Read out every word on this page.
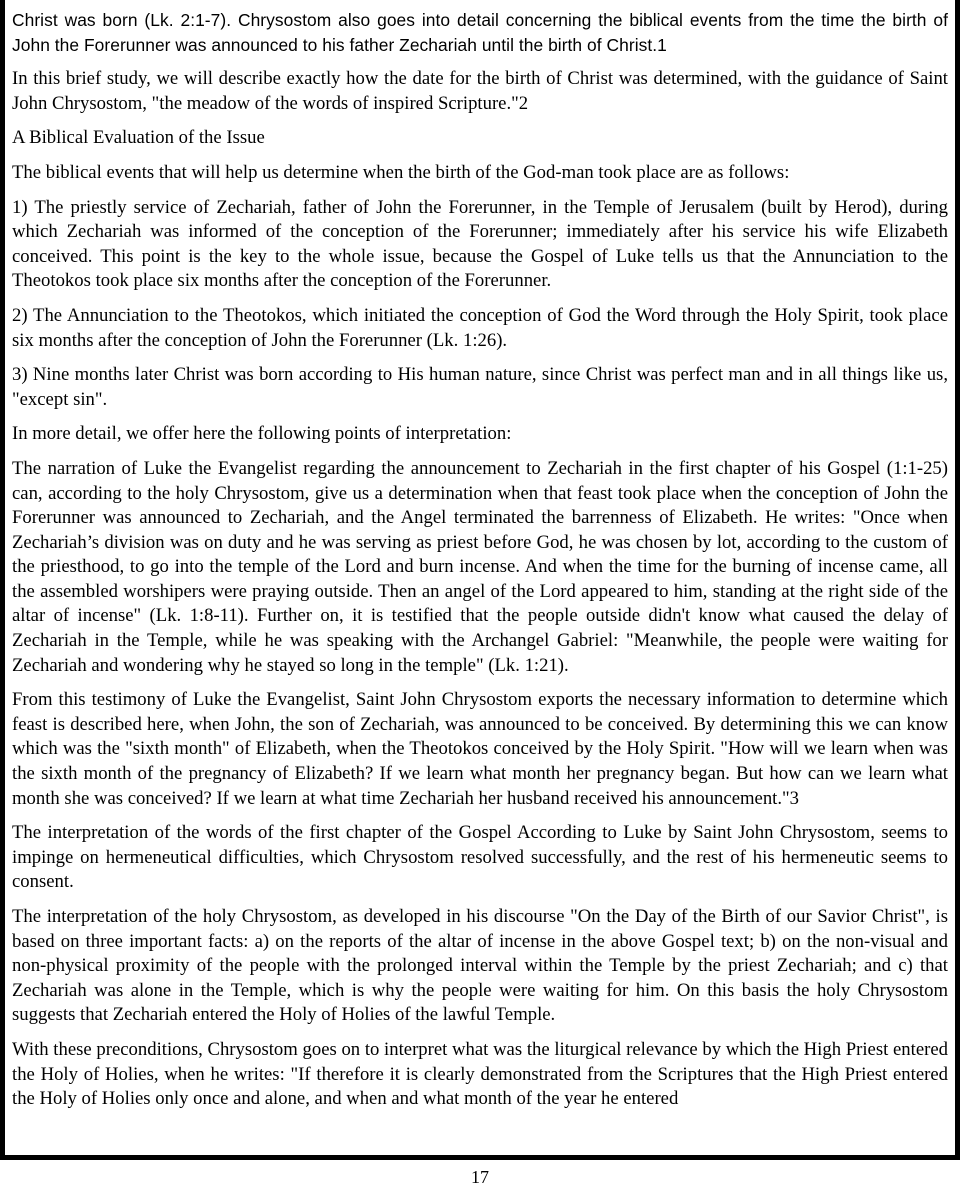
Christ was born (Lk. 2:1-7). Chrysostom also goes into detail concerning the biblical events from the time the birth of John the Forerunner was announced to his father Zechariah until the birth of Christ.1

In this brief study, we will describe exactly how the date for the birth of Christ was determined, with the guidance of Saint John Chrysostom, "the meadow of the words of inspired Scripture."2

A Biblical Evaluation of the Issue

The biblical events that will help us determine when the birth of the God-man took place are as follows:

1) The priestly service of Zechariah, father of John the Forerunner, in the Temple of Jerusalem (built by Herod), during which Zechariah was informed of the conception of the Forerunner; immediately after his service his wife Elizabeth conceived. This point is the key to the whole issue, because the Gospel of Luke tells us that the Annunciation to the Theotokos took place six months after the conception of the Forerunner.

2) The Annunciation to the Theotokos, which initiated the conception of God the Word through the Holy Spirit, took place six months after the conception of John the Forerunner (Lk. 1:26).

3) Nine months later Christ was born according to His human nature, since Christ was perfect man and in all things like us, "except sin".

In more detail, we offer here the following points of interpretation:

The narration of Luke the Evangelist regarding the announcement to Zechariah in the first chapter of his Gospel (1:1-25) can, according to the holy Chrysostom, give us a determination when that feast took place when the conception of John the Forerunner was announced to Zechariah, and the Angel terminated the barrenness of Elizabeth. He writes: "Once when Zechariah’s division was on duty and he was serving as priest before God, he was chosen by lot, according to the custom of the priesthood, to go into the temple of the Lord and burn incense. And when the time for the burning of incense came, all the assembled worshipers were praying outside. Then an angel of the Lord appeared to him, standing at the right side of the altar of incense" (Lk. 1:8-11). Further on, it is testified that the people outside didn't know what caused the delay of Zechariah in the Temple, while he was speaking with the Archangel Gabriel: "Meanwhile, the people were waiting for Zechariah and wondering why he stayed so long in the temple" (Lk. 1:21).

From this testimony of Luke the Evangelist, Saint John Chrysostom exports the necessary information to determine which feast is described here, when John, the son of Zechariah, was announced to be conceived. By determining this we can know which was the "sixth month" of Elizabeth, when the Theotokos conceived by the Holy Spirit. "How will we learn when was the sixth month of the pregnancy of Elizabeth? If we learn what month her pregnancy began. But how can we learn what month she was conceived? If we learn at what time Zechariah her husband received his announcement."3

The interpretation of the words of the first chapter of the Gospel According to Luke by Saint John Chrysostom, seems to impinge on hermeneutical difficulties, which Chrysostom resolved successfully, and the rest of his hermeneutic seems to consent.

The interpretation of the holy Chrysostom, as developed in his discourse "On the Day of the Birth of our Savior Christ", is based on three important facts: a) on the reports of the altar of incense in the above Gospel text; b) on the non-visual and non-physical proximity of the people with the prolonged interval within the Temple by the priest Zechariah; and c) that Zechariah was alone in the Temple, which is why the people were waiting for him. On this basis the holy Chrysostom suggests that Zechariah entered the Holy of Holies of the lawful Temple.

With these preconditions, Chrysostom goes on to interpret what was the liturgical relevance by which the High Priest entered the Holy of Holies, when he writes: "If therefore it is clearly demonstrated from the Scriptures that the High Priest entered the Holy of Holies only once and alone, and when and what month of the year he entered

17
